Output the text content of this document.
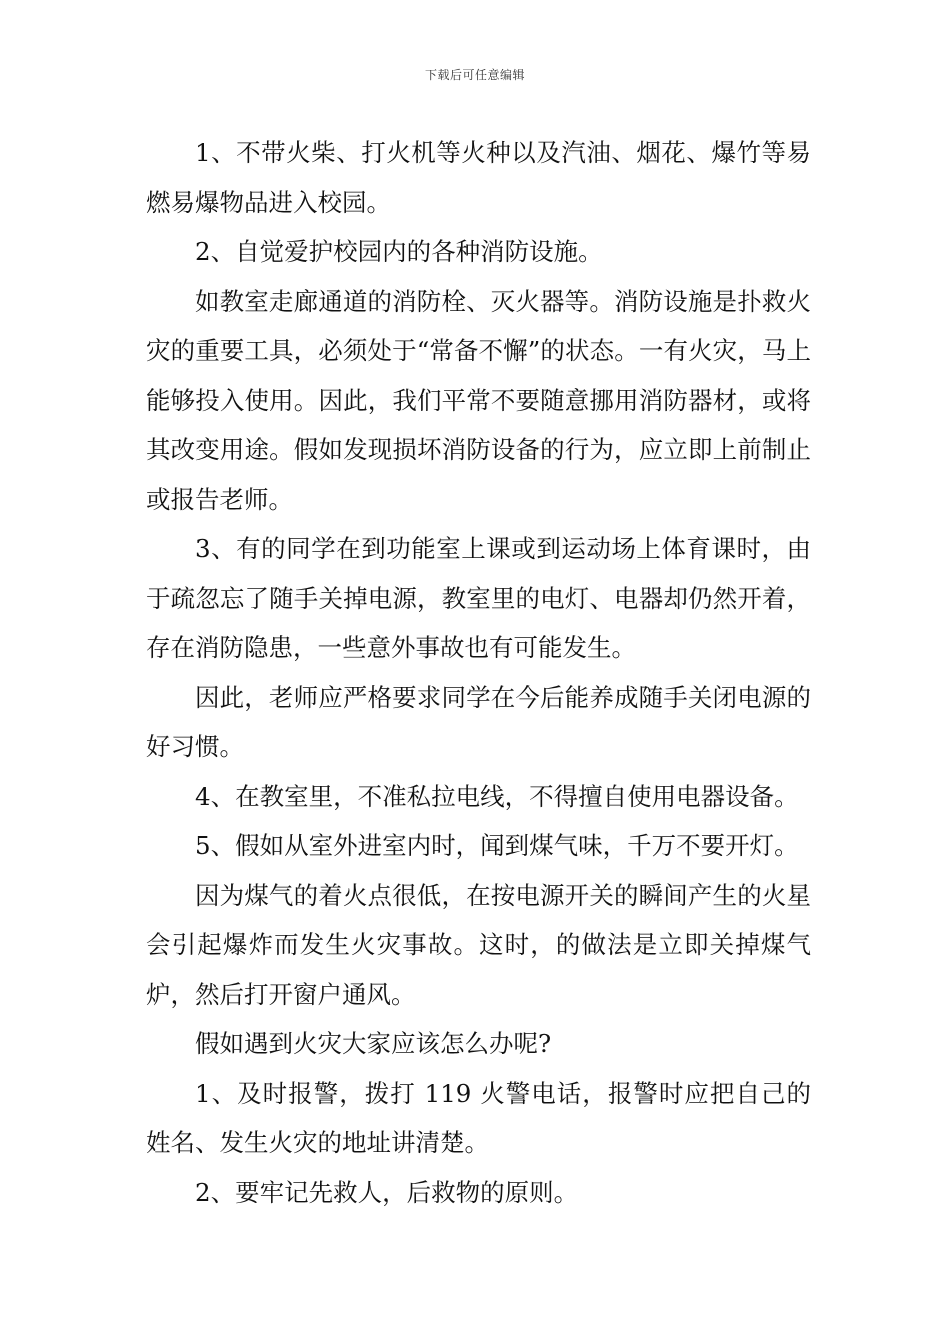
下载后可任意编辑

1、不带火柴、打火机等火种以及汽油、烟花、爆竹等易燃易爆物品进入校园。

2、自觉爱护校园内的各种消防设施。

如教室走廊通道的消防栓、灭火器等。消防设施是扑救火灾的重要工具，必须处于“常备不懈”的状态。一有火灾，马上能够投入使用。因此，我们平常不要随意挪用消防器材，或将其改变用途。假如发现损坏消防设备的行为，应立即上前制止或报告老师。

3、有的同学在到功能室上课或到运动场上体育课时，由于疏忽忘了随手关掉电源，教室里的电灯、电器却仍然开着，存在消防隐患，一些意外事故也有可能发生。

因此，老师应严格要求同学在今后能养成随手关闭电源的好习惯。

4、在教室里，不准私拉电线，不得擅自使用电器设备。

5、假如从室外进室内时，闻到煤气味，千万不要开灯。

因为煤气的着火点很低，在按电源开关的瞬间产生的火星会引起爆炸而发生火灾事故。这时，的做法是立即关掉煤气炉，然后打开窗户通风。

假如遇到火灾大家应该怎么办呢?

1、及时报警，拨打 119 火警电话，报警时应把自己的姓名、发生火灾的地址讲清楚。

2、要牢记先救人，后救物的原则。
